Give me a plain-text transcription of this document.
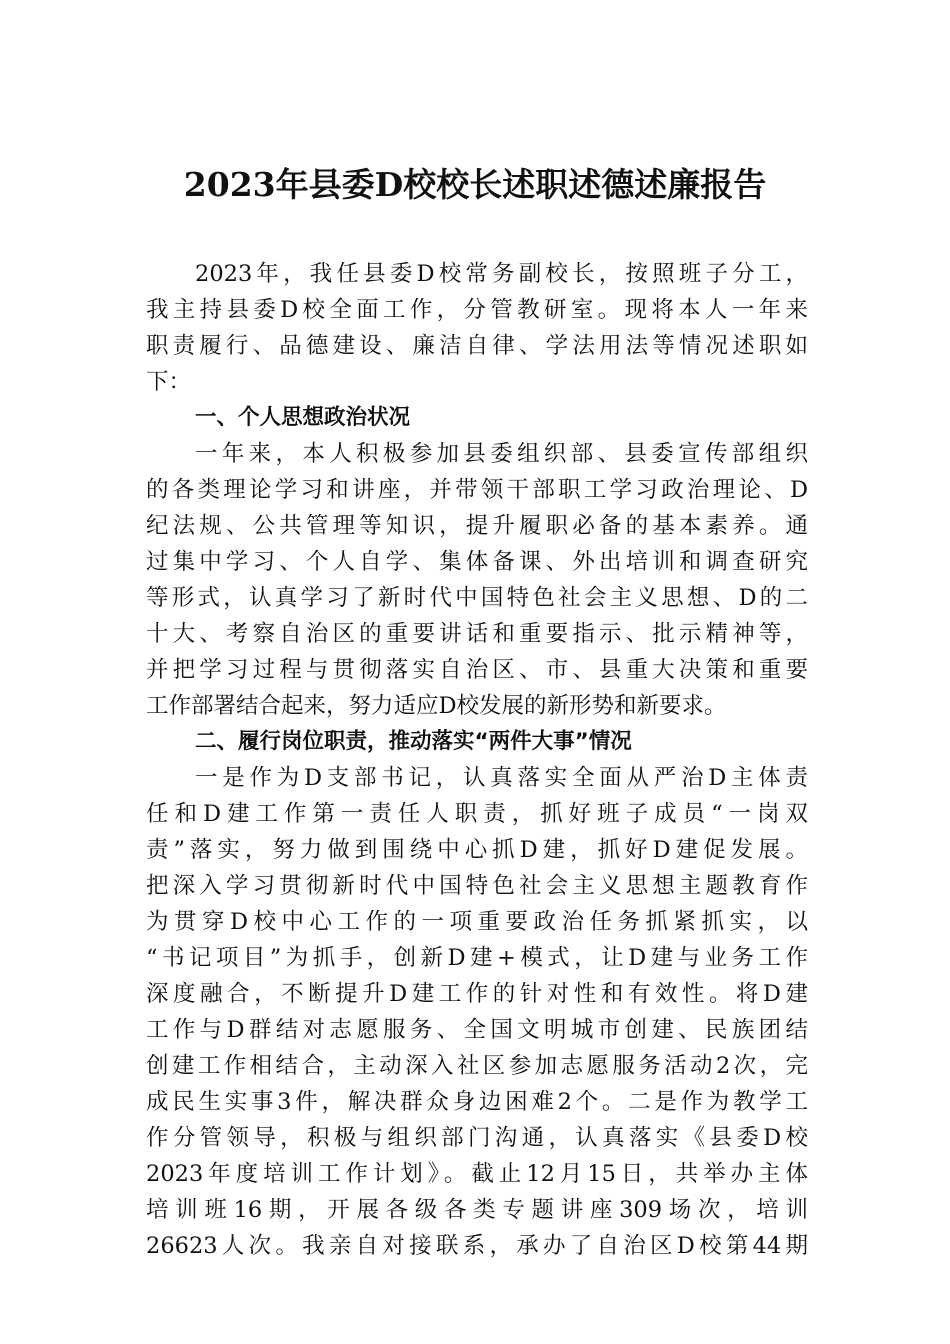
2023年县委D校校长述职述德述廉报告
2023年，我任县委D校常务副校长，按照班子分工，
我主持县委D校全面工作，分管教研室。现将本人一年来
职责履行、品德建设、廉洁自律、学法用法等情况述职如
下：
一、个人思想政治状况
一年来，本人积极参加县委组织部、县委宣传部组织
的各类理论学习和讲座，并带领干部职工学习政治理论、D
纪法规、公共管理等知识，提升履职必备的基本素养。通
过集中学习、个人自学、集体备课、外出培训和调查研究
等形式，认真学习了新时代中国特色社会主义思想、D的二
十大、考察自治区的重要讲话和重要指示、批示精神等，
并把学习过程与贯彻落实自治区、市、县重大决策和重要
工作部署结合起来，努力适应D校发展的新形势和新要求。
二、履行岗位职责，推动落实“两件大事”情况
一是作为D支部书记，认真落实全面从严治D主体责
任和D建工作第一责任人职责，抓好班子成员“一岗双
责”落实，努力做到围绕中心抓D建，抓好D建促发展。
把深入学习贯彻新时代中国特色社会主义思想主题教育作
为贯穿D校中心工作的一项重要政治任务抓紧抓实，以
“书记项目”为抓手，创新D建+模式，让D建与业务工作
深度融合，不断提升D建工作的针对性和有效性。将D建
工作与D群结对志愿服务、全国文明城市创建、民族团结
创建工作相结合，主动深入社区参加志愿服务活动2次，完
成民生实事3件，解决群众身边困难2个。二是作为教学工
作分管领导，积极与组织部门沟通，认真落实《县委D校
2023年度培训工作计划》。截止12月15日，共举办主体
培训班16期，开展各级各类专题讲座309场次，培训
26623人次。我亲自对接联系，承办了自治区D校第44期
